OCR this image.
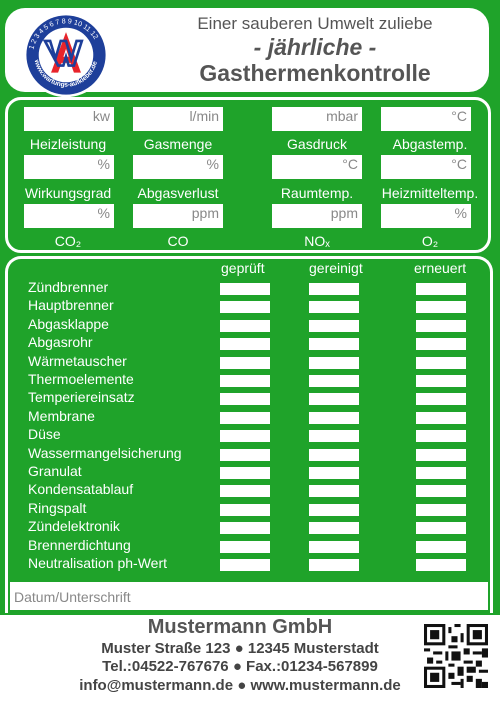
www.wartungs-aufkleber.de
1 2 3 4 5 6 7 8 9 10 11 12
Einer sauberen Umwelt zuliebe
- jährliche -
Gasthermenkontrolle
kw
Heizleistung
l/min
Gasmenge
mbar
Gasdruck
°C
Abgastemp.
%
Wirkungsgrad
%
Abgasverlust
°C
Raumtemp.
°C
Heizmitteltemp.
%
CO₂
ppm
CO
ppm
NOₓ
%
O₂
geprüft	gereinigt	erneuert
Zündbrenner
Hauptbrenner
Abgasklappe
Abgasrohr
Wärmetauscher
Thermoelemente
Temperiereinsatz
Membrane
Düse
Wassermangelsicherung
Granulat
Kondensatablauf
Ringspalt
Zündelektronik
Brennerdichtung
Neutralisation ph-Wert
Datum/Unterschrift
Mustermann GmbH
Muster Straße 123 ● 12345 Musterstadt
Tel.:04522-767676 ● Fax.:01234-567899
info@mustermann.de ● www.mustermann.de
